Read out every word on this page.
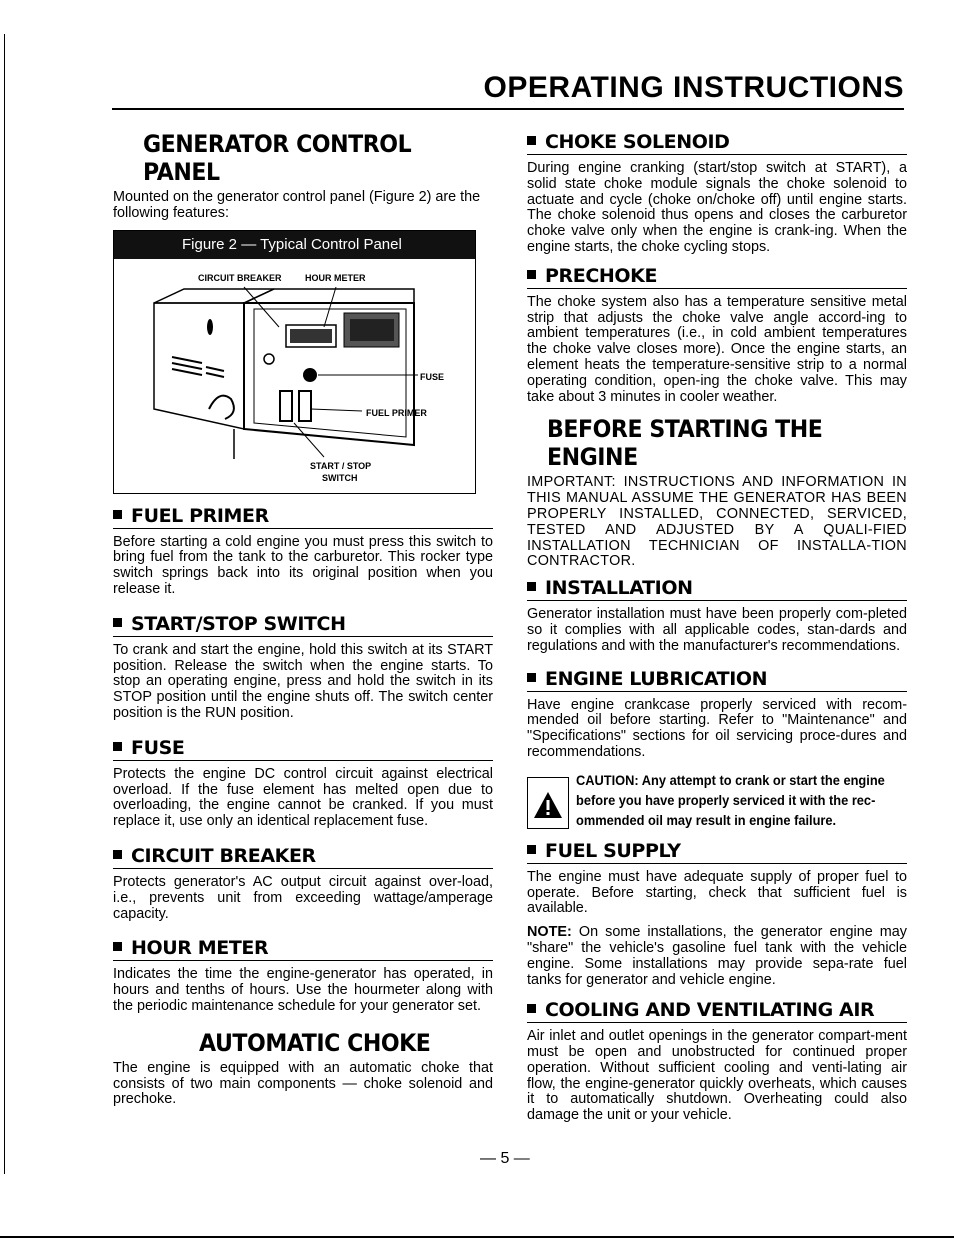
OPERATING INSTRUCTIONS
GENERATOR CONTROL PANEL

Mounted on the generator control panel (Figure 2) are the following features:

Figure 2 — Typical Control Panel
CIRCUIT BREAKER	HOUR METER
FUSE
FUEL PRIMER
START / STOP
SWITCH
FUEL PRIMER

Before starting a cold engine you must press this switch to bring fuel from the tank to the carburetor. This rocker type switch springs back into its original position when you release it.

START/STOP SWITCH

To crank and start the engine, hold this switch at its START position. Release the switch when the engine starts. To stop an operating engine, press and hold the switch in its STOP position until the engine shuts off. The switch center position is the RUN position.

FUSE

Protects the engine DC control circuit against electrical overload. If the fuse element has melted open due to overloading, the engine cannot be cranked. If you must replace it, use only an identical replacement fuse.

CIRCUIT BREAKER

Protects generator's AC output circuit against over-load, i.e., prevents unit from exceeding wattage/amperage capacity.

HOUR METER

Indicates the time the engine-generator has operated, in hours and tenths of hours. Use the hourmeter along with the periodic maintenance schedule for your generator set.

AUTOMATIC CHOKE

The engine is equipped with an automatic choke that consists of two main components — choke solenoid and prechoke.

CHOKE SOLENOID

During engine cranking (start/stop switch at START), a solid state choke module signals the choke solenoid to actuate and cycle (choke on/choke off) until engine starts. The choke solenoid thus opens and closes the carburetor choke valve only when the engine is crank-ing. When the engine starts, the choke cycling stops.

PRECHOKE

The choke system also has a temperature sensitive metal strip that adjusts the choke valve angle accord-ing to ambient temperatures (i.e., in cold ambient temperatures the choke valve closes more). Once the engine starts, an element heats the temperature-sensitive strip to a normal operating condition, open-ing the choke valve. This may take about 3 minutes in cooler weather.

BEFORE STARTING THE ENGINE

IMPORTANT: INSTRUCTIONS AND INFORMATION IN THIS MANUAL ASSUME THE GENERATOR HAS BEEN PROPERLY INSTALLED, CONNECTED, SERVICED, TESTED AND ADJUSTED BY A QUALI-FIED INSTALLATION TECHNICIAN OF INSTALLA-TION CONTRACTOR.

INSTALLATION

Generator installation must have been properly com-pleted so it complies with all applicable codes, stan-dards and regulations and with the manufacturer's recommendations.

ENGINE LUBRICATION

Have engine crankcase properly serviced with recom-mended oil before starting. Refer to "Maintenance" and "Specifications" sections for oil servicing proce-dures and recommendations.

CAUTION: Any attempt to crank or start the engine before you have properly serviced it with the rec-ommended oil may result in engine failure.

FUEL SUPPLY

The engine must have adequate supply of proper fuel to operate. Before starting, check that sufficient fuel is available.

NOTE: On some installations, the generator engine may "share" the vehicle's gasoline fuel tank with the vehicle engine. Some installations may provide sepa-rate fuel tanks for generator and vehicle engine.

COOLING AND VENTILATING AIR

Air inlet and outlet openings in the generator compart-ment must be open and unobstructed for continued proper operation. Without sufficient cooling and venti-lating air flow, the engine-generator quickly overheats, which causes it to automatically shutdown. Overheating could also damage the unit or your vehicle.

— 5 —
